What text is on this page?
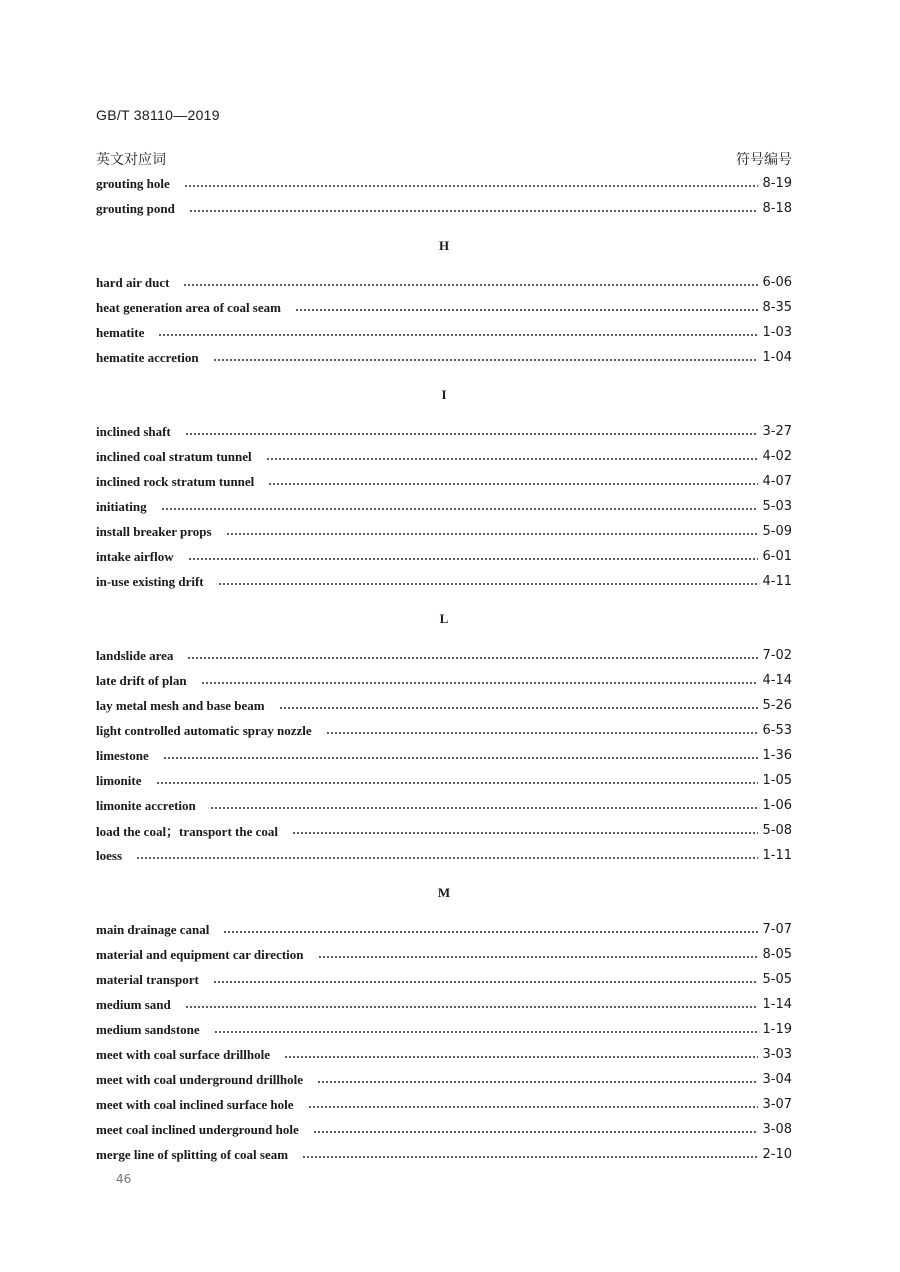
GB/T 38110—2019
英文对应词	符号编号
grouting hole	8-19
grouting pond	8-18
H
hard air duct	6-06
heat generation area of coal seam	8-35
hematite	1-03
hematite accretion	1-04
I
inclined shaft	3-27
inclined coal stratum tunnel	4-02
inclined rock stratum tunnel	4-07
initiating	5-03
install breaker props	5-09
intake airflow	6-01
in-use existing drift	4-11
L
landslide area	7-02
late drift of plan	4-14
lay metal mesh and base beam	5-26
light controlled automatic spray nozzle	6-53
limestone	1-36
limonite	1-05
limonite accretion	1-06
load the coal；transport the coal	5-08
loess	1-11
M
main drainage canal	7-07
material and equipment car direction	8-05
material transport	5-05
medium sand	1-14
medium sandstone	1-19
meet with coal surface drillhole	3-03
meet with coal underground drillhole	3-04
meet with coal inclined surface hole	3-07
meet coal inclined underground hole	3-08
merge line of splitting of coal seam	2-10
46
